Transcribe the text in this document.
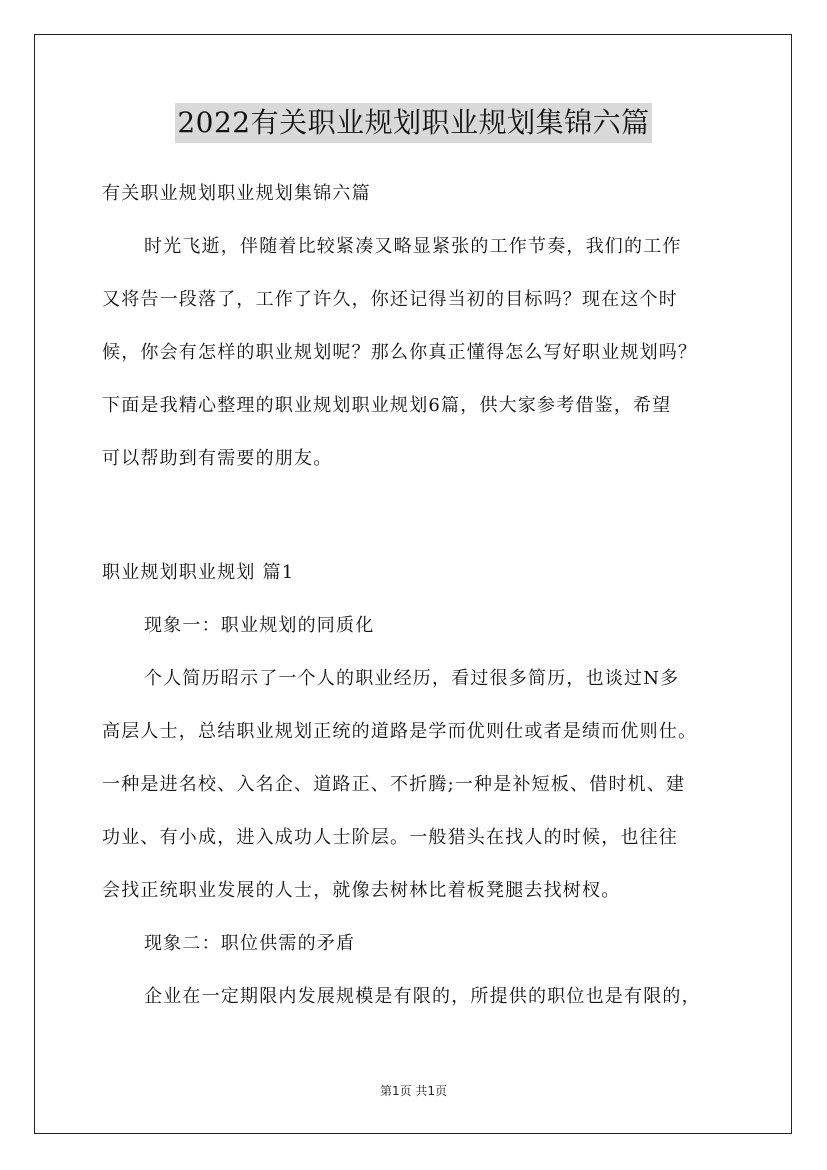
2022有关职业规划职业规划集锦六篇
有关职业规划职业规划集锦六篇
时光飞逝，伴随着比较紧凑又略显紧张的工作节奏，我们的工作
又将告一段落了，工作了许久，你还记得当初的目标吗？现在这个时
候，你会有怎样的职业规划呢？那么你真正懂得怎么写好职业规划吗？
下面是我精心整理的职业规划职业规划6篇，供大家参考借鉴，希望
可以帮助到有需要的朋友。
职业规划职业规划 篇1
现象一：职业规划的同质化
个人简历昭示了一个人的职业经历，看过很多简历，也谈过N多
高层人士，总结职业规划正统的道路是学而优则仕或者是绩而优则仕。
一种是进名校、入名企、道路正、不折腾;一种是补短板、借时机、建
功业、有小成，进入成功人士阶层。一般猎头在找人的时候，也往往
会找正统职业发展的人士，就像去树林比着板凳腿去找树杈。
现象二：职位供需的矛盾
企业在一定期限内发展规模是有限的，所提供的职位也是有限的，
第1页 共1页
